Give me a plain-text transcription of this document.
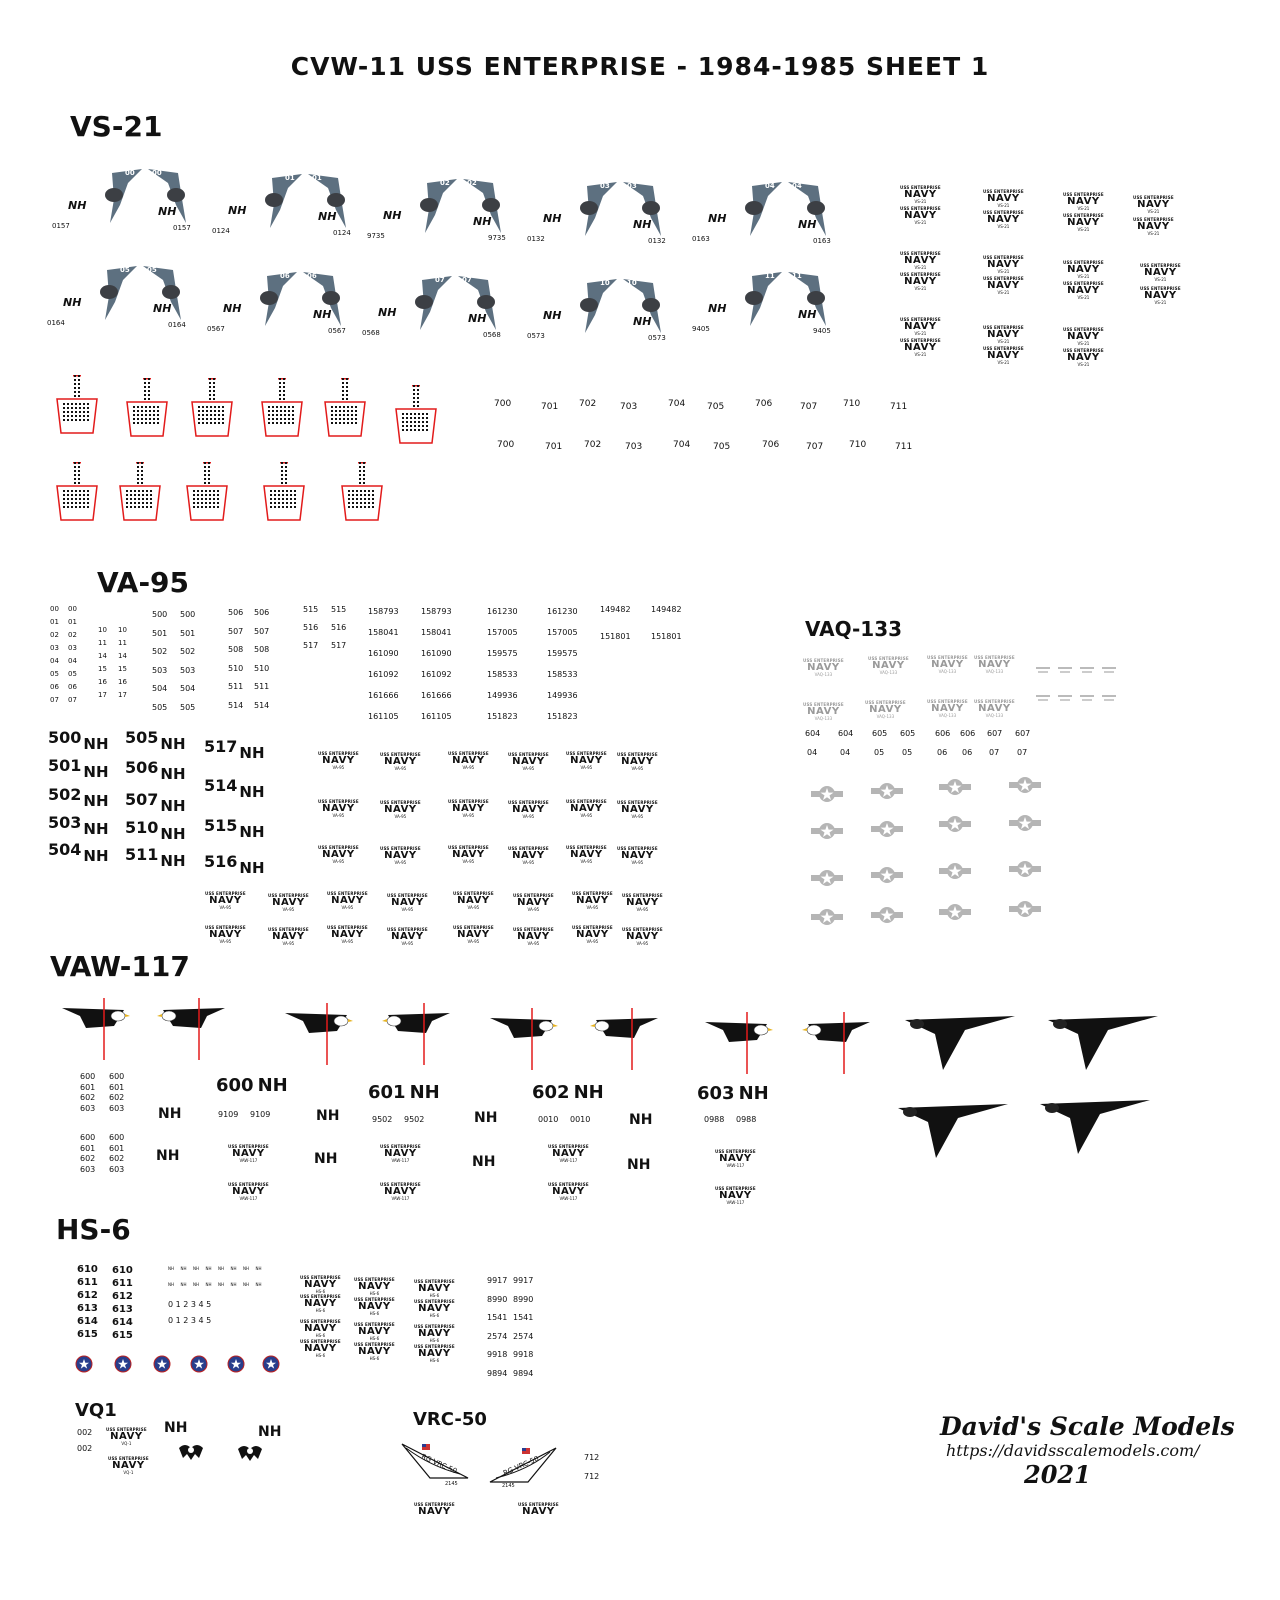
CVW-11 USS ENTERPRISE - 1984-1985 SHEET 1
VS-21
VA-95
VAQ-133
VAW-117
HS-6
VQ1	VRC-50
00 00
NH	NH
0157	0157
01 01
NH	NH
0124	0124
02 02
NH	NH
9735	9735
03 03
NH	NH
0132	0132
04 04
NH	NH
0163	0163
05 05
NH	NH
0164	0164
06 06
NH	NH
0567	0567
07 07
NH	NH
0568	0568
10 10
NH	NH
0573	0573
11 11
NH	NH
9405	9405
USS ENTERPRISE
NAVY
VS-21
USS ENTERPRISE
NAVY
VS-21
USS ENTERPRISE
NAVY
VS-21
USS ENTERPRISE
NAVY
VS-21
USS ENTERPRISE
NAVY
VS-21
USS ENTERPRISE
NAVY
VS-21
USS ENTERPRISE
NAVY
VS-21
USS ENTERPRISE
NAVY
VS-21
USS ENTERPRISE
NAVY
VS-21
USS ENTERPRISE
NAVY
VS-21
USS ENTERPRISE
NAVY
VS-21
USS ENTERPRISE
NAVY
VS-21
USS ENTERPRISE
NAVY
VS-21
USS ENTERPRISE
NAVY
VS-21
USS ENTERPRISE
NAVY
VS-21
USS ENTERPRISE
NAVY
VS-21
USS ENTERPRISE
NAVY
VS-21
USS ENTERPRISE
NAVY
VS-21
USS ENTERPRISE
NAVY
VS-21
USS ENTERPRISE
NAVY
VS-21
USS ENTERPRISE
NAVY
VS-21
USS ENTERPRISE
NAVY
VS-21
700
700
701
701
702
702
703
703
704
704
705
705
706
706
707
707
710
710
711
711
00 00
01 01
02 02
03 03
04 04
05 05
06 06
07 07
10 10
11 11
14 14
15 15
16 16
17 17
500 500
501 501
502 502
503 503
504 504
505 505
506 506
507 507
508 508
510 510
511 511
514 514
515 515
516 516
517 517
158793	158793
158041	158041
161090	161090
161092	161092
161666	161666
161105	161105
161230	161230
157005	157005
159575	159575
158533	158533
149936	149936
151823	151823
149482	149482
151801	151801
500 NH
501 NH
502 NH
503 NH
504 NH
505 NH
506 NH
507 NH
510 NH
511 NH
517 NH
514 NH
515 NH
516 NH
USS ENTERPRISE
NAVY
VA-95
USS ENTERPRISE
NAVY
VA-95
USS ENTERPRISE
NAVY
VA-95
USS ENTERPRISE
NAVY
VA-95
USS ENTERPRISE
NAVY
VA-95
USS ENTERPRISE
NAVY
VA-95
USS ENTERPRISE
NAVY
VA-95
USS ENTERPRISE
NAVY
VA-95
USS ENTERPRISE
NAVY
VA-95
USS ENTERPRISE
NAVY
VA-95
USS ENTERPRISE
NAVY
VA-95
USS ENTERPRISE
NAVY
VA-95
USS ENTERPRISE
NAVY
VA-95
USS ENTERPRISE
NAVY
VA-95
USS ENTERPRISE
NAVY
VA-95
USS ENTERPRISE
NAVY
VA-95
USS ENTERPRISE
NAVY
VA-95
USS ENTERPRISE
NAVY
VA-95
USS ENTERPRISE
NAVY
VA-95
USS ENTERPRISE
NAVY
VA-95
USS ENTERPRISE
NAVY
VA-95
USS ENTERPRISE
NAVY
VA-95
USS ENTERPRISE
NAVY
VA-95
USS ENTERPRISE
NAVY
VA-95
USS ENTERPRISE
NAVY
VA-95
USS ENTERPRISE
NAVY
VA-95
USS ENTERPRISE
NAVY
VA-95
USS ENTERPRISE
NAVY
VA-95
USS ENTERPRISE
NAVY
VA-95
USS ENTERPRISE
NAVY
VA-95
USS ENTERPRISE
NAVY
VA-95
USS ENTERPRISE
NAVY
VA-95
USS ENTERPRISE
NAVY
VA-95
USS ENTERPRISE
NAVY
VA-95
USS ENTERPRISE
NAVY
VAQ-133
USS ENTERPRISE
NAVY
VAQ-133
USS ENTERPRISE
NAVY
VAQ-133
USS ENTERPRISE
NAVY
VAQ-133
USS ENTERPRISE
NAVY
VAQ-133
USS ENTERPRISE
NAVY
VAQ-133
USS ENTERPRISE
NAVY
VAQ-133
USS ENTERPRISE
NAVY
VAQ-133
604 604 605 605 606 606 607 607
04	04	05 05	06 06 07 07
600 600
600 600
601 601
601 601
602 602
602 602
603 603
603 603
600 NH	601 NH	602 NH	603 NH
NH
NH
NH
NH
NH
NH
NH
NH
9109 9109
9502 9502	0010 0010	0988 0988
USS ENTERPRISE
NAVY
VAW-117
USS ENTERPRISE
NAVY
VAW-117
USS ENTERPRISE
NAVY
VAW-117
USS ENTERPRISE
NAVY
VAW-117
USS ENTERPRISE
NAVY
VAW-117
USS ENTERPRISE
NAVY
VAW-117
USS ENTERPRISE
NAVY
VAW-117
USS ENTERPRISE
NAVY
VAW-117
610 610
611 611
612 612
613 613
614 614
615 615
NH NH NH NH NH NH NH NH
NH NH NH NH NH NH NH NH
0 1 2 3 4 5
0 1 2 3 4 5
USS ENTERPRISE
NAVY
HS-6
USS ENTERPRISE
NAVY
HS-6
USS ENTERPRISE
NAVY
HS-6
USS ENTERPRISE
NAVY
HS-6
USS ENTERPRISE
NAVY
HS-6
USS ENTERPRISE
NAVY
HS-6
USS ENTERPRISE
NAVY
HS-6
USS ENTERPRISE
NAVY
HS-6
USS ENTERPRISE
NAVY
HS-6
USS ENTERPRISE
NAVY
HS-6
USS ENTERPRISE
NAVY
HS-6
USS ENTERPRISE
NAVY
HS-6
9917 9917
8990 8990
1541 1541
2574 2574
9918 9918
9894 9894
002
002
USS ENTERPRISE
NAVY
VQ-1
USS ENTERPRISE
NAVY
VQ-1
NH	NH
RG VRC-50	RG VRC-50
2145	2145
712
712
USS ENTERPRISE
NAVY
USS ENTERPRISE
NAVY
David's Scale Models
https://davidsscalemodels.com/
2021
